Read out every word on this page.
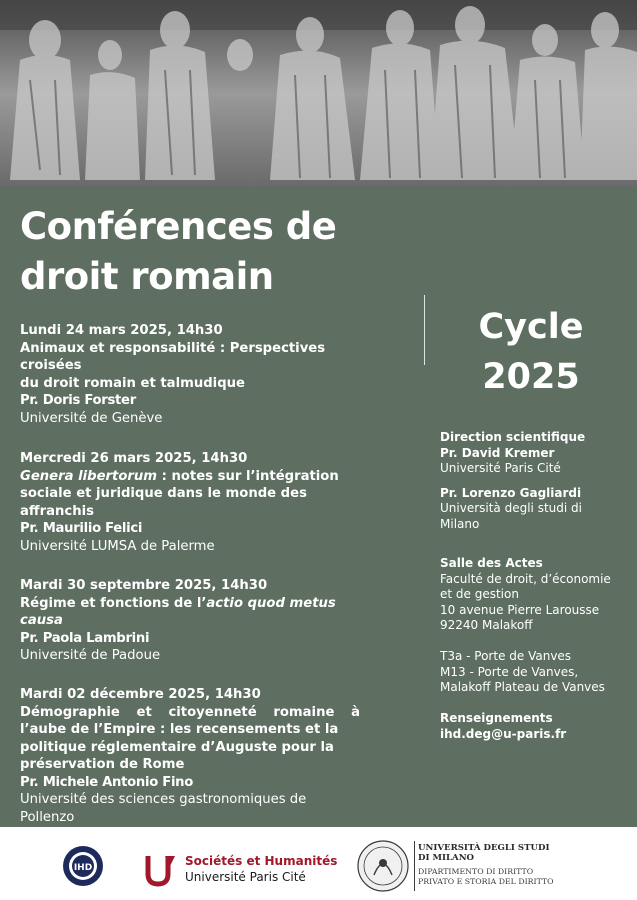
Conférences de
droit romain
Cycle
2025
Lundi 24 mars 2025, 14h30
Animaux et responsabilité : Perspectives croisées
du droit romain et talmudique
Pr. Doris Forster
Université de Genève
Mercredi 26 mars 2025, 14h30
Genera libertorum : notes sur l’intégration
sociale et juridique dans le monde des affranchis
Pr. Maurilio Felici
Université LUMSA de Palerme
Mardi 30 septembre 2025, 14h30
Régime et fonctions de l’actio quod metus causa
Pr. Paola Lambrini
Université de Padoue
Mardi 02 décembre 2025, 14h30
Démographie et citoyenneté romaine à
l’aube de l’Empire : les recensements et la
politique réglementaire d’Auguste pour la
préservation de Rome
Pr. Michele Antonio Fino
Université des sciences gastronomiques de Pollenzo
Direction scientifique
Pr. David Kremer
Université Paris Cité
Pr. Lorenzo Gagliardi
Università degli studi di
Milano
Salle des Actes
Faculté de droit, d’économie
et de gestion
10 avenue Pierre Larousse
92240 Malakoff
T3a - Porte de Vanves
M13 - Porte de Vanves,
Malakoff Plateau de Vanves
Renseignements
ihd.deg@u-paris.fr
IHD	Sociétés et Humanités
Université Paris Cité
UNIVERSITÀ DEGLI STUDI
DI MILANO
DIPARTIMENTO DI DIRITTO
PRIVATO E STORIA DEL DIRITTO
